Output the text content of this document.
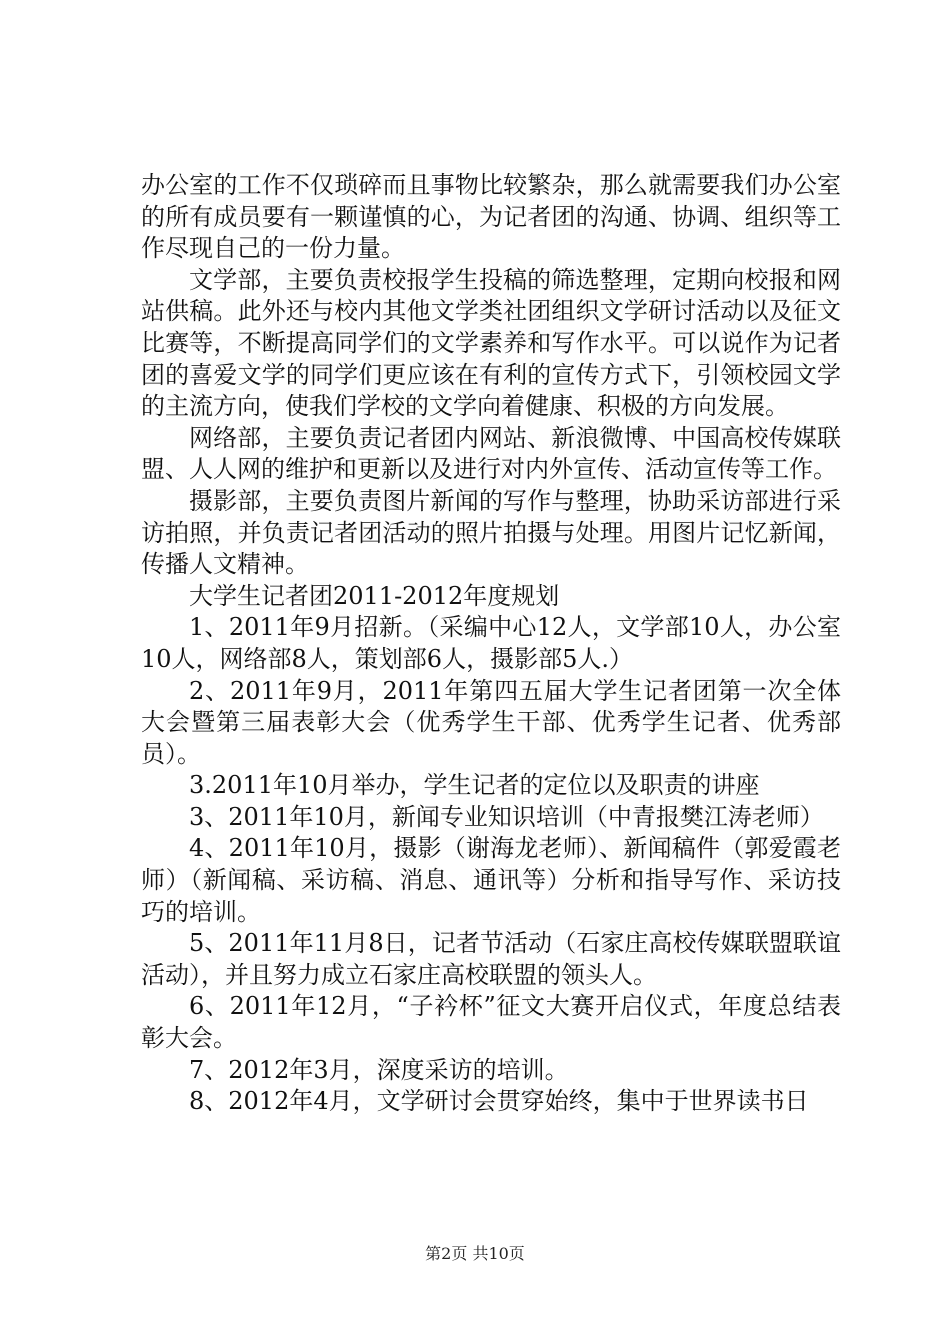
办公室的工作不仅琐碎而且事物比较繁杂，那么就需要我们办公室的所有成员要有一颗谨慎的心，为记者团的沟通、协调、组织等工作尽现自己的一份力量。

文学部，主要负责校报学生投稿的筛选整理，定期向校报和网站供稿。此外还与校内其他文学类社团组织文学研讨活动以及征文比赛等，不断提高同学们的文学素养和写作水平。可以说作为记者团的喜爱文学的同学们更应该在有利的宣传方式下，引领校园文学的主流方向，使我们学校的文学向着健康、积极的方向发展。

网络部，主要负责记者团内网站、新浪微博、中国高校传媒联盟、人人网的维护和更新以及进行对内外宣传、活动宣传等工作。

摄影部，主要负责图片新闻的写作与整理，协助采访部进行采访拍照，并负责记者团活动的照片拍摄与处理。用图片记忆新闻，传播人文精神。

大学生记者团2011-2012年度规划

1、2011年9月招新。（采编中心12人，文学部10人，办公室10人，网络部8人，策划部6人，摄影部5人.）

2、2011年9月，2011年第四五届大学生记者团第一次全体大会暨第三届表彰大会（优秀学生干部、优秀学生记者、优秀部员）。

3.2011年10月举办，学生记者的定位以及职责的讲座

3、2011年10月，新闻专业知识培训（中青报樊江涛老师）

4、2011年10月，摄影（谢海龙老师）、新闻稿件（郭爱霞老师）（新闻稿、采访稿、消息、通讯等）分析和指导写作、采访技巧的培训。

5、2011年11月8日，记者节活动（石家庄高校传媒联盟联谊活动），并且努力成立石家庄高校联盟的领头人。

6、2011年12月，“子衿杯”征文大赛开启仪式，年度总结表彰大会。

7、2012年3月，深度采访的培训。

8、2012年4月，文学研讨会贯穿始终，集中于世界读书日

第2页 共10页
